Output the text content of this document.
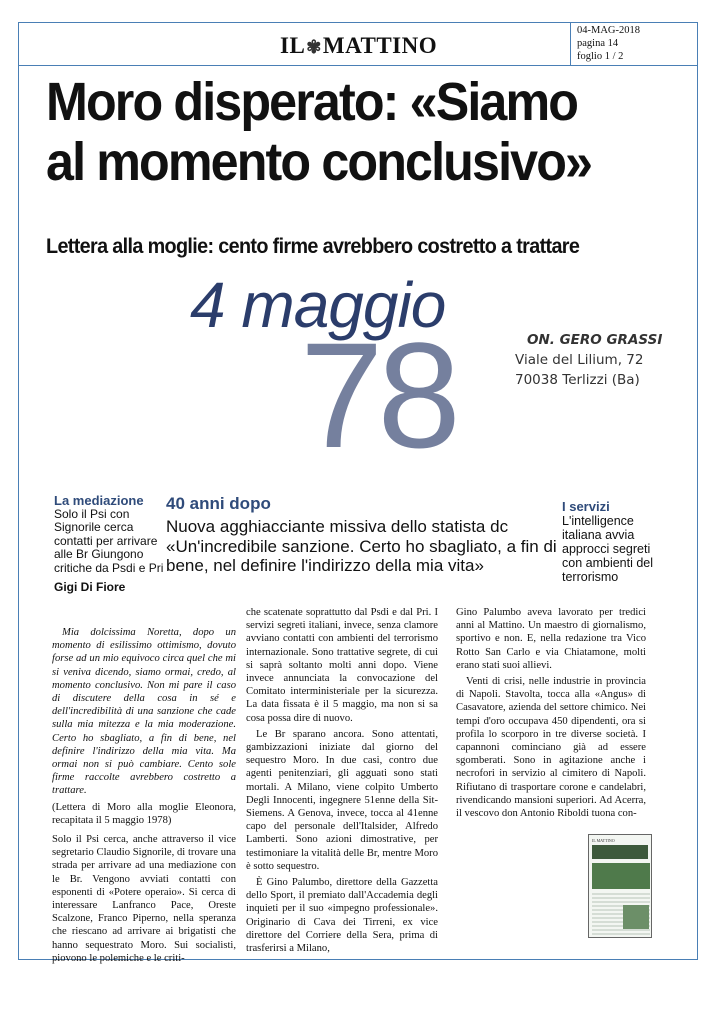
IL✾MATTINO
04-MAG-2018
pagina 14
foglio 1 / 2
Moro disperato: «Siamo al momento conclusivo»
Lettera alla moglie: cento firme avrebbero costretto a trattare
78
4 maggio	ON. GERO GRASSI
Viale del Lilium, 72
70038 Terlizzi (Ba)
La mediazione
Solo il Psi con Signorile cerca contatti per arrivare alle Br Giungono critiche da Psdi e Pri
Gigi Di Fiore
40 anni dopo
Nuova agghiacciante missiva dello statista dc «Un'incredibile sanzione. Certo ho sbagliato, a fin di bene, nel definire l'indirizzo della mia vita»
I servizi
L'intelligence italiana avvia approcci segreti con ambienti del terrorismo

Mia dolcissima Noretta, dopo un momento di esilissimo ottimismo, dovuto forse ad un mio equivoco circa quel che mi si veniva dicendo, siamo ormai, credo, al momento conclusivo. Non mi pare il caso di discutere della cosa in sé e dell'incredibilità di una sanzione che cade sulla mia mitezza e la mia moderazione. Certo ho sbagliato, a fin di bene, nel definire l'indirizzo della mia vita. Ma ormai non si può cambiare. Cento sole firme raccolte avrebbero costretto a trattare.

(Lettera di Moro alla moglie Eleonora, recapitata il 5 maggio 1978)

Solo il Psi cerca, anche attraverso il vice segretario Claudio Signorile, di trovare una strada per arrivare ad una mediazione con le Br. Vengono avviati contatti con esponenti di «Potere operaio». Si cerca di interessare Lanfranco Pace, Oreste Scalzone, Franco Piperno, nella speranza che riescano ad arrivare ai brigatisti che hanno sequestrato Moro. Sui socialisti, piovono le polemiche e le criti-

che scatenate soprattutto dal Psdi e dal Pri. I servizi segreti italiani, invece, senza clamore avviano contatti con ambienti del terrorismo internazionale. Sono trattative segrete, di cui si saprà soltanto molti anni dopo. Viene invece annunciata la convocazione del Comitato interministeriale per la sicurezza. La data fissata è il 5 maggio, ma non si sa cosa possa dire di nuovo.

Le Br sparano ancora. Sono attentati, gambizzazioni iniziate dal giorno del sequestro Moro. In due casi, contro due agenti penitenziari, gli agguati sono stati mortali. A Milano, viene colpito Umberto Degli Innocenti, ingegnere 51enne della Sit-Siemens. A Genova, invece, tocca al 41enne capo del personale dell'Italsider, Alfredo Lamberti. Sono azioni dimostrative, per testimoniare la vitalità delle Br, mentre Moro è sotto sequestro.

È Gino Palumbo, direttore della Gazzetta dello Sport, il premiato dall'Accademia degli inquieti per il suo «impegno professionale». Originario di Cava dei Tirreni, ex vice direttore del Corriere della Sera, prima di trasferirsi a Milano,

Gino Palumbo aveva lavorato per tredici anni al Mattino. Un maestro di giornalismo, sportivo e non. E, nella redazione tra Vico Rotto San Carlo e via Chiatamone, molti erano stati suoi allievi.

Venti di crisi, nelle industrie in provincia di Napoli. Stavolta, tocca alla «Angus» di Casavatore, azienda del settore chimico. Nei tempi d'oro occupava 450 dipendenti, ora si profila lo scorporo in tre diverse società. I capannoni cominciano già ad essere sgomberati. Sono in agitazione anche i necrofori in servizio al cimitero di Napoli. Rifiutano di trasportare corone e candelabri, rivendicando mansioni superiori. Ad Acerra, il vescovo don Antonio Riboldi tuona con-

IL MATTINO
